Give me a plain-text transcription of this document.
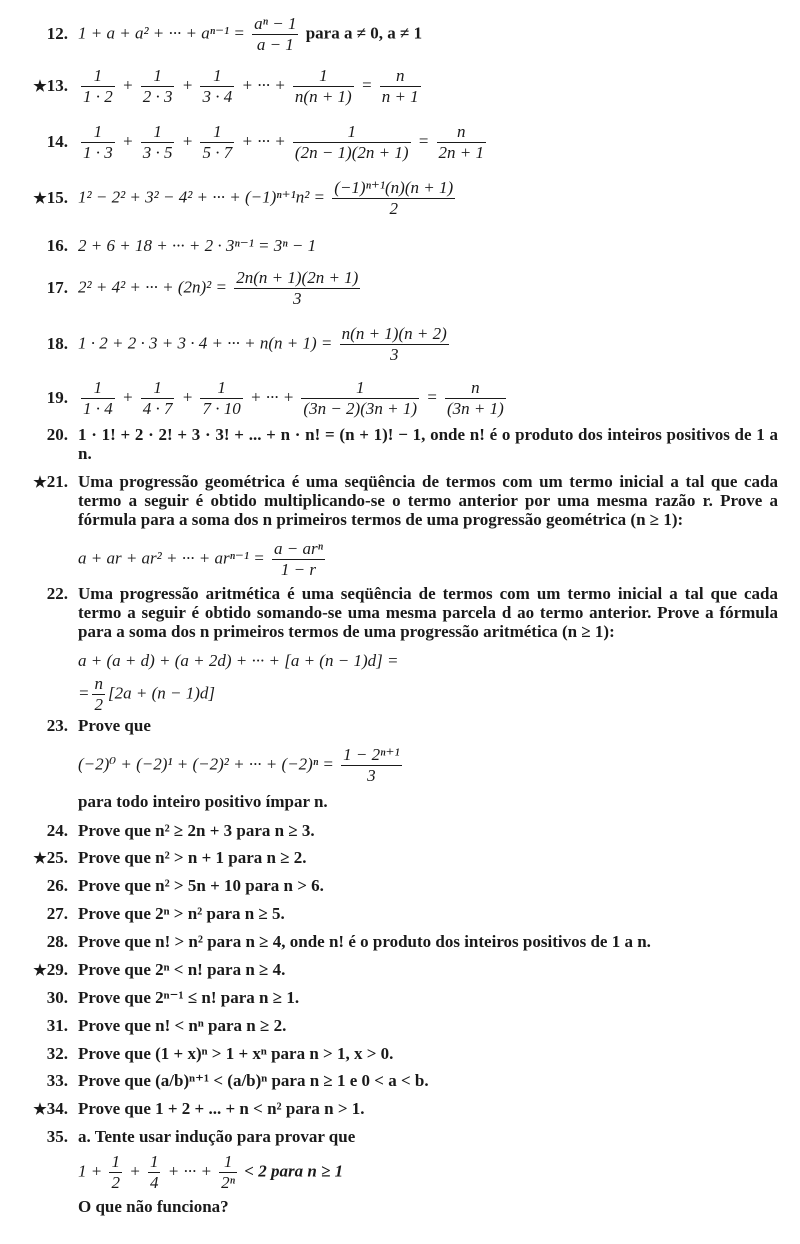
12. 1 + a + a² + ··· + $a^{n-1} = \frac{\text{aⁿ − 1}}{a - 1}$ para a ≠ 0, a ≠ 1
★13. $\frac{1}{1 \cdot 2} + \frac{1}{2 \cdot 3} + \frac{1}{3 \cdot 4}$ + ··· + $\frac{1}{n(n + 1)} = \frac{n}{n + 1}$
14. $\frac{1}{1 \cdot 3} + \frac{1}{3 \cdot 5} + \frac{1}{5 \cdot 7}$ + ··· + $\frac{1}{(2n - 1)(2n + 1)} = \frac{n}{2n + 1}$
★15. 1² − 2² + 3² − 4² + ··· + $(-1)^{n+1}n^2 = \frac{\text{(−1)ⁿ⁺¹(n)(n + 1)}}{2}$
16. 2 + 6 + 18 + ··· + 2 · 3ⁿ⁻¹ = 3ⁿ − 1
17. 2² + 4² + ··· + $(2n)^2 = \frac{2n(n + 1)(2n + 1)}{3}$
18. 1 · 2 + 2 · 3 + 3 · 4 + ··· + $n(n + 1) = \frac{n(n + 1)(n + 2)}{3}$
19. $\frac{1}{1 \cdot 4} + \frac{1}{4 \cdot 7} + \frac{1}{7 \cdot 10}$ + ··· + $\frac{1}{(3n - 2)(3n + 1)} = \frac{n}{(3n + 1)}$
20. 1 · 1! + 2 · 2! + 3 · 3! + ... + n · n! = (n + 1)! − 1, onde n! é o produto dos inteiros positivos de 1 a n.
★21. Uma progressão geométrica é uma seqüência de termos com um termo inicial a tal que cada termo a seguir é obtido multiplicando-se o termo anterior por uma mesma razão r. Prove a fórmula para a soma dos n primeiros termos de uma progressão geométrica (n ≥ 1):
a + ar + ar² + ··· + $ar^{n-1} = \frac{\text{a − arⁿ}}{1 - r}$
22. Uma progressão aritmética é uma seqüência de termos com um termo inicial a tal que cada termo a seguir é obtido somando-se uma mesma parcela d ao termo anterior. Prove a fórmula para a soma dos n primeiros termos de uma progressão aritmética (n ≥ 1):
a + (a + d) + (a + 2d) + ··· + [a + (n − 1)d] =
= $\frac{n}{2} [2a + (n - 1)d]$
23. Prove que
(−2)⁰ + (−2)¹ + (−2)² + ··· + $(-2)^n = \frac{\text{1 − 2ⁿ⁺¹}}{3}$
para todo inteiro positivo ímpar n.
24. Prove que n² ≥ 2n + 3 para n ≥ 3.
★25. Prove que n² > n + 1 para n ≥ 2.
26. Prove que n² > 5n + 10 para n > 6.
27. Prove que 2ⁿ > n² para n ≥ 5.
28. Prove que n! > n² para n ≥ 4, onde n! é o produto dos inteiros positivos de 1 a n.
★29. Prove que 2ⁿ < n! para n ≥ 4.
30. Prove que 2ⁿ⁻¹ ≤ n! para n ≥ 1.
31. Prove que n! < nⁿ para n ≥ 2.
32. Prove que (1 + x)ⁿ > 1 + xⁿ para n > 1, x > 0.
33. Prove que (a/b)ⁿ⁺¹ < (a/b)ⁿ para n ≥ 1 e 0 < a < b.
★34. Prove que 1 + 2 + ... + n < n² para n > 1.
35. a. Tente usar indução para provar que
$1 + \frac{1}{2} + \frac{1}{4}$ + ··· + $\frac{1}{\text{2ⁿ}} < 2$ para n ≥ 1
O que não funciona?
